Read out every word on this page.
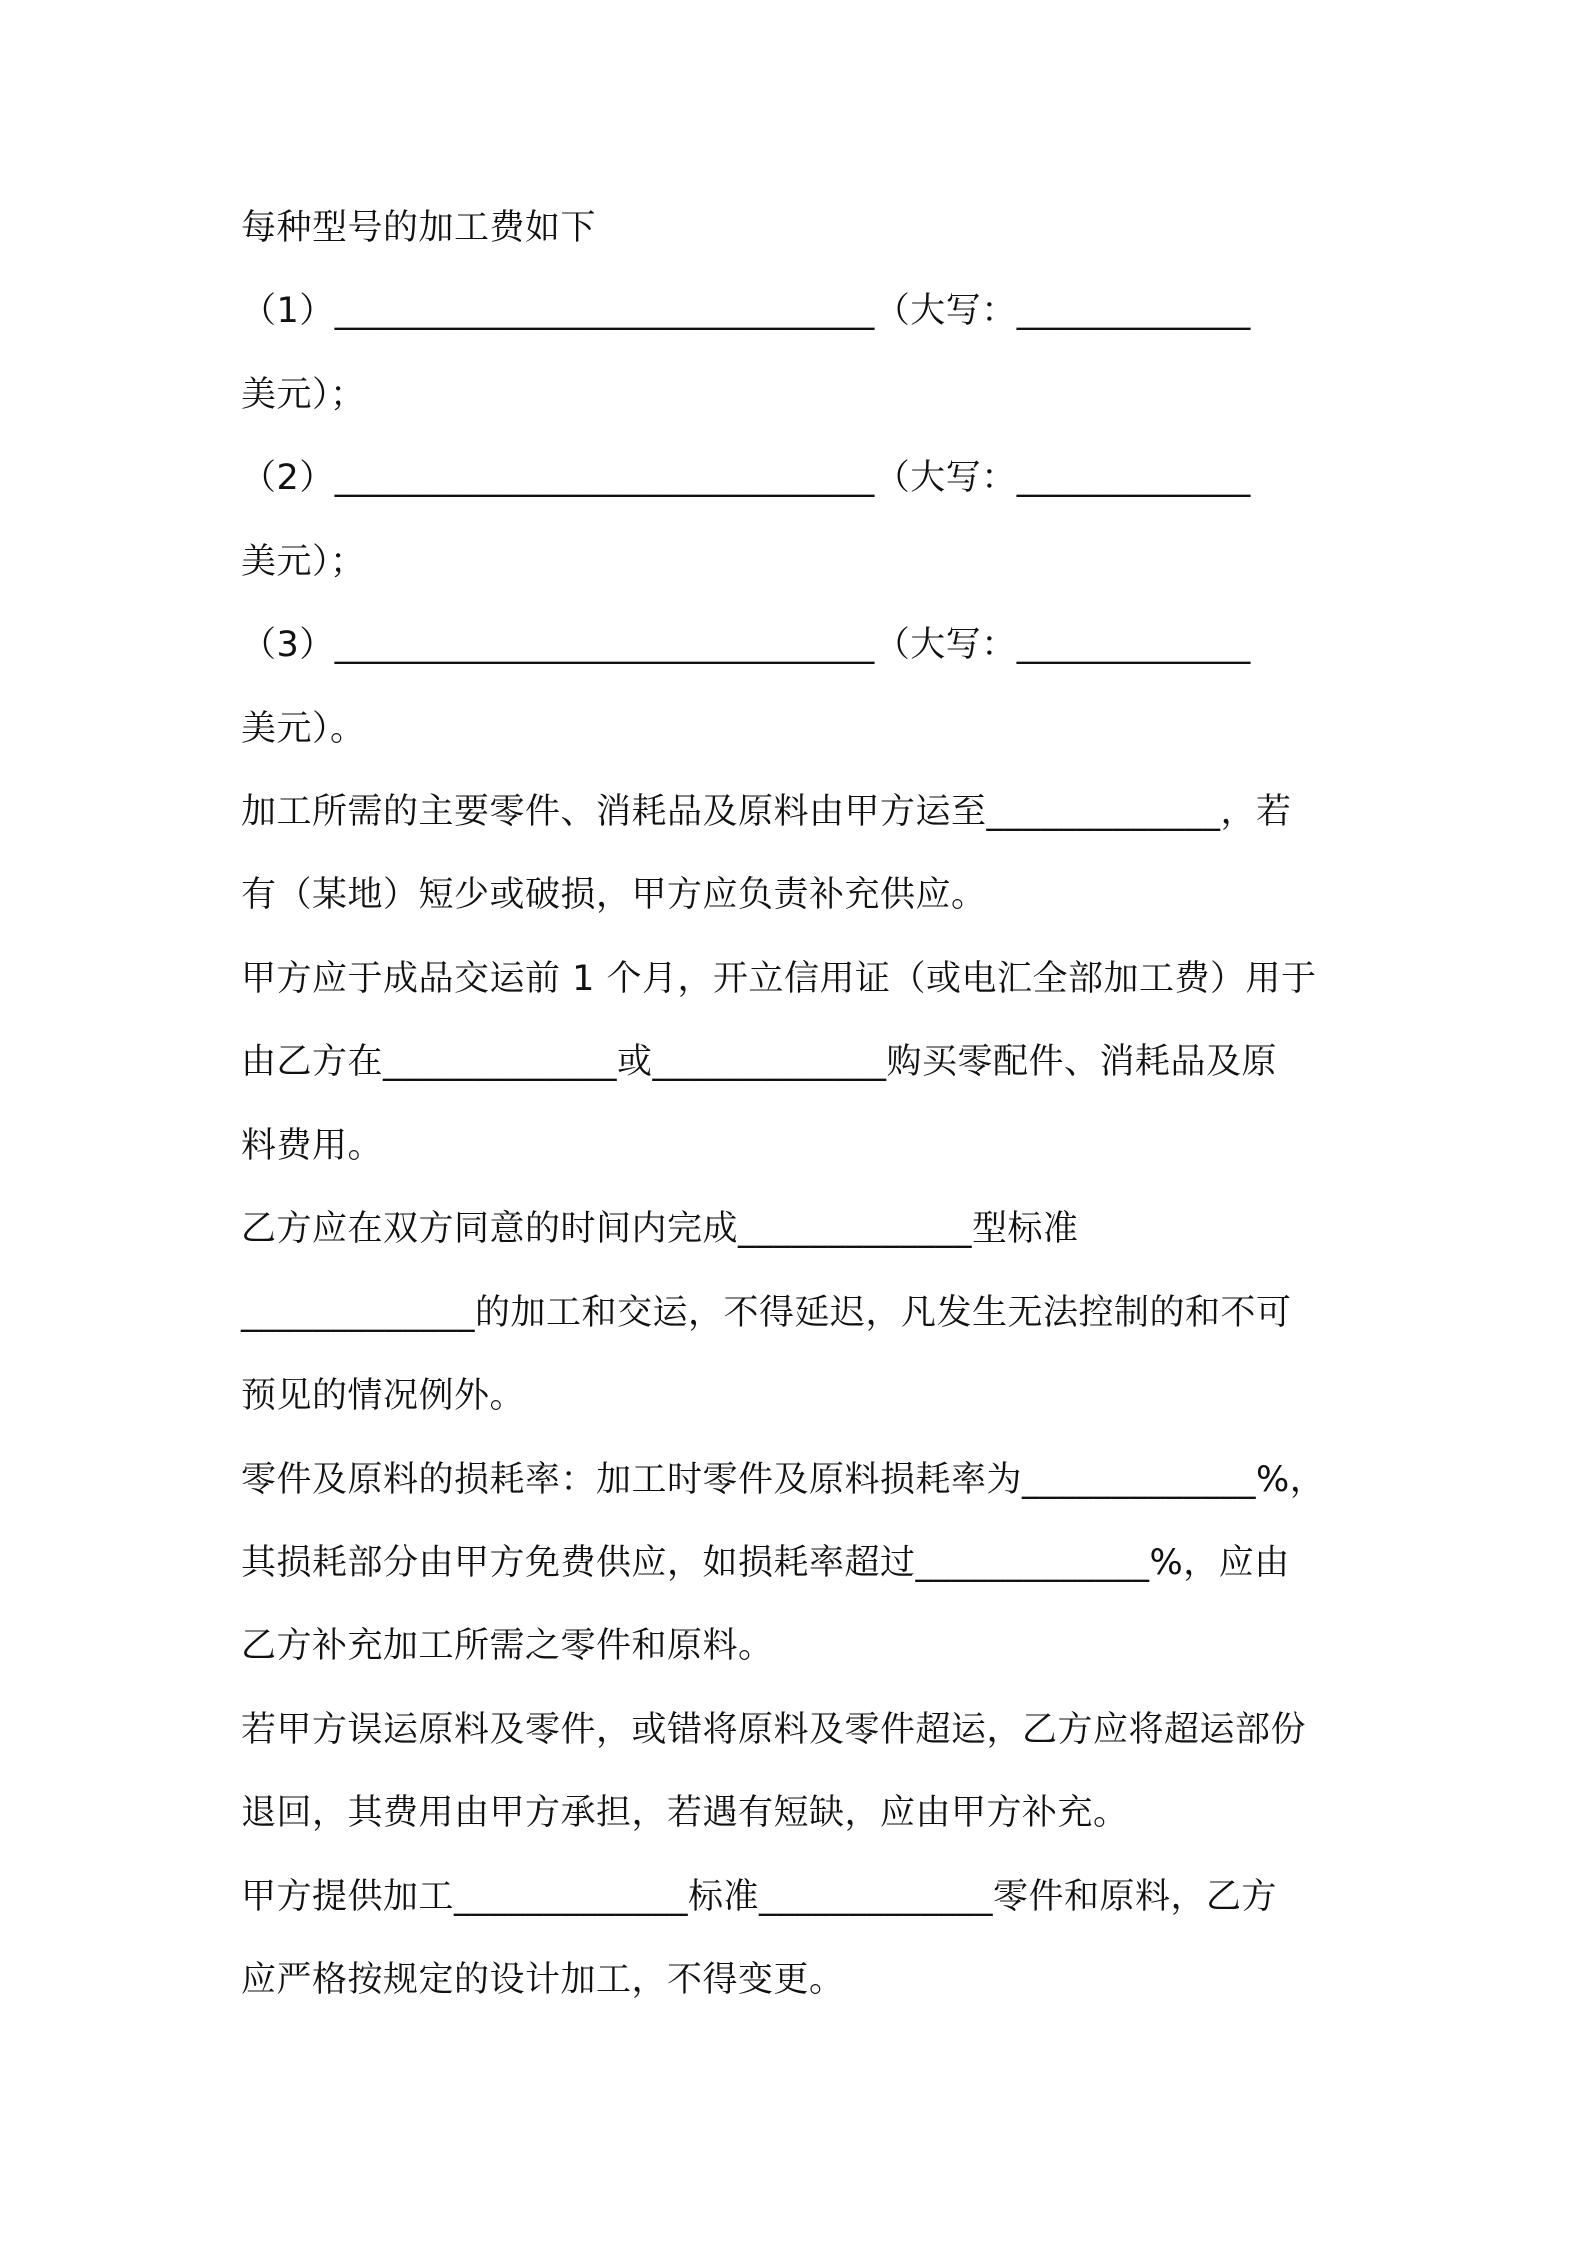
每种型号的加工费如下
（1）______________________________（大写：_____________
美元）；
（2）______________________________（大写：_____________
美元）；
（3）______________________________（大写：_____________
美元）。
加工所需的主要零件、消耗品及原料由甲方运至_____________，若
有（某地）短少或破损，甲方应负责补充供应。
甲方应于成品交运前 1 个月，开立信用证（或电汇全部加工费）用于
由乙方在_____________或_____________购买零配件、消耗品及原
料费用。
乙方应在双方同意的时间内完成_____________型标准
_____________的加工和交运，不得延迟，凡发生无法控制的和不可
预见的情况例外。
零件及原料的损耗率：加工时零件及原料损耗率为_____________%，
其损耗部分由甲方免费供应，如损耗率超过_____________%，应由
乙方补充加工所需之零件和原料。
若甲方误运原料及零件，或错将原料及零件超运，乙方应将超运部份
退回，其费用由甲方承担，若遇有短缺，应由甲方补充。
甲方提供加工_____________标准_____________零件和原料，乙方
应严格按规定的设计加工，不得变更。
